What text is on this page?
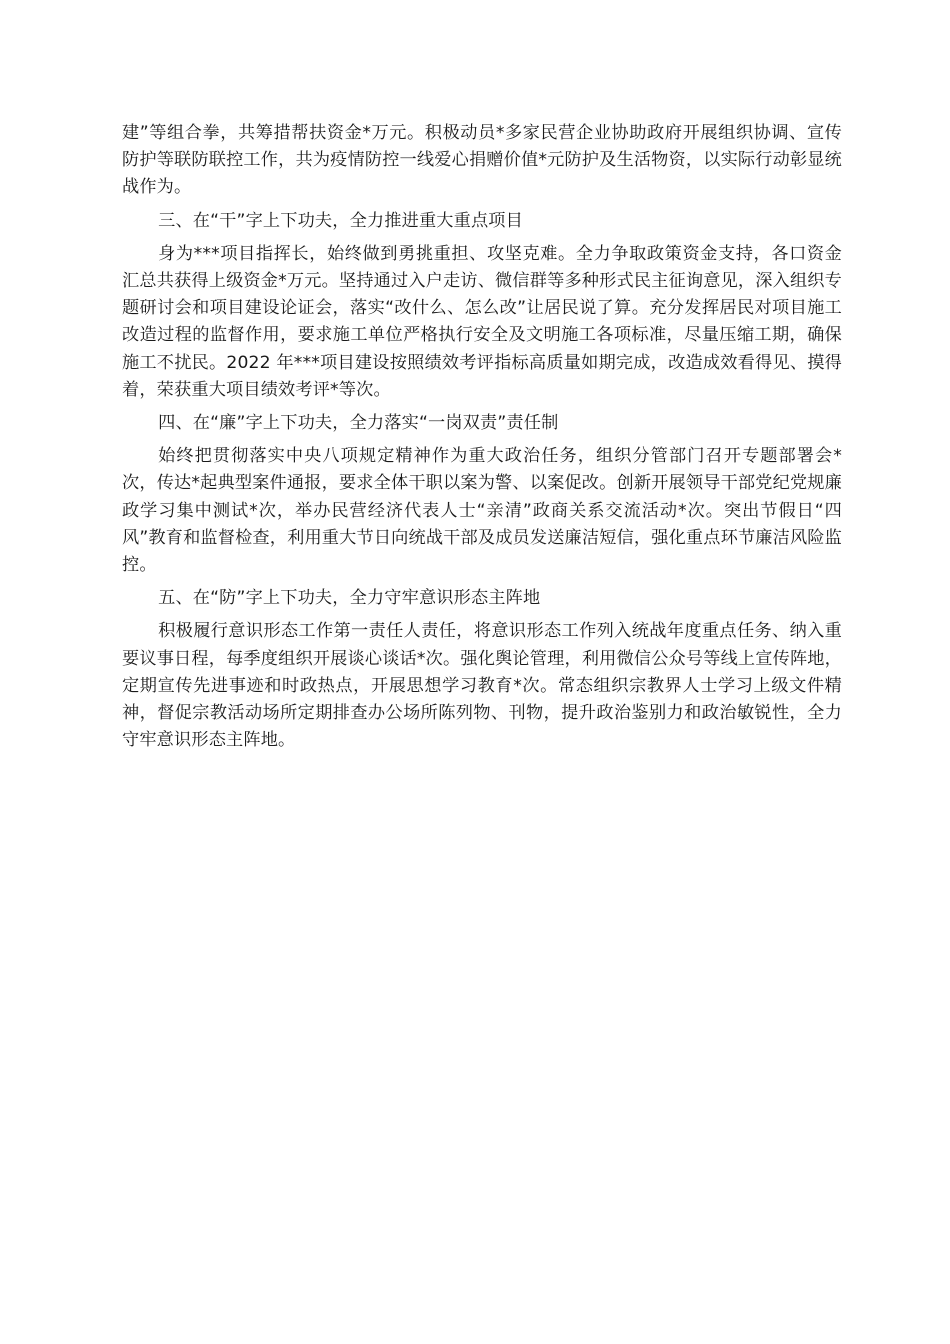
建”等组合拳，共筹措帮扶资金*万元。积极动员*多家民营企业协助政府开展组织协调、宣传防护等联防联控工作，共为疫情防控一线爱心捐赠价值*元防护及生活物资，以实际行动彰显统战作为。

三、在“干”字上下功夫，全力推进重大重点项目

身为***项目指挥长，始终做到勇挑重担、攻坚克难。全力争取政策资金支持，各口资金汇总共获得上级资金*万元。坚持通过入户走访、微信群等多种形式民主征询意见，深入组织专题研讨会和项目建设论证会，落实“改什么、怎么改”让居民说了算。充分发挥居民对项目施工改造过程的监督作用，要求施工单位严格执行安全及文明施工各项标准，尽量压缩工期，确保施工不扰民。2022 年***项目建设按照绩效考评指标高质量如期完成，改造成效看得见、摸得着，荣获重大项目绩效考评*等次。

四、在“廉”字上下功夫，全力落实“一岗双责”责任制

始终把贯彻落实中央八项规定精神作为重大政治任务，组织分管部门召开专题部署会*次，传达*起典型案件通报，要求全体干职以案为警、以案促改。创新开展领导干部党纪党规廉政学习集中测试*次，举办民营经济代表人士“亲清”政商关系交流活动*次。突出节假日“四风”教育和监督检查，利用重大节日向统战干部及成员发送廉洁短信，强化重点环节廉洁风险监控。

五、在“防”字上下功夫，全力守牢意识形态主阵地

积极履行意识形态工作第一责任人责任，将意识形态工作列入统战年度重点任务、纳入重要议事日程，每季度组织开展谈心谈话*次。强化舆论管理，利用微信公众号等线上宣传阵地，定期宣传先进事迹和时政热点，开展思想学习教育*次。常态组织宗教界人士学习上级文件精神，督促宗教活动场所定期排查办公场所陈列物、刊物，提升政治鉴别力和政治敏锐性，全力守牢意识形态主阵地。
